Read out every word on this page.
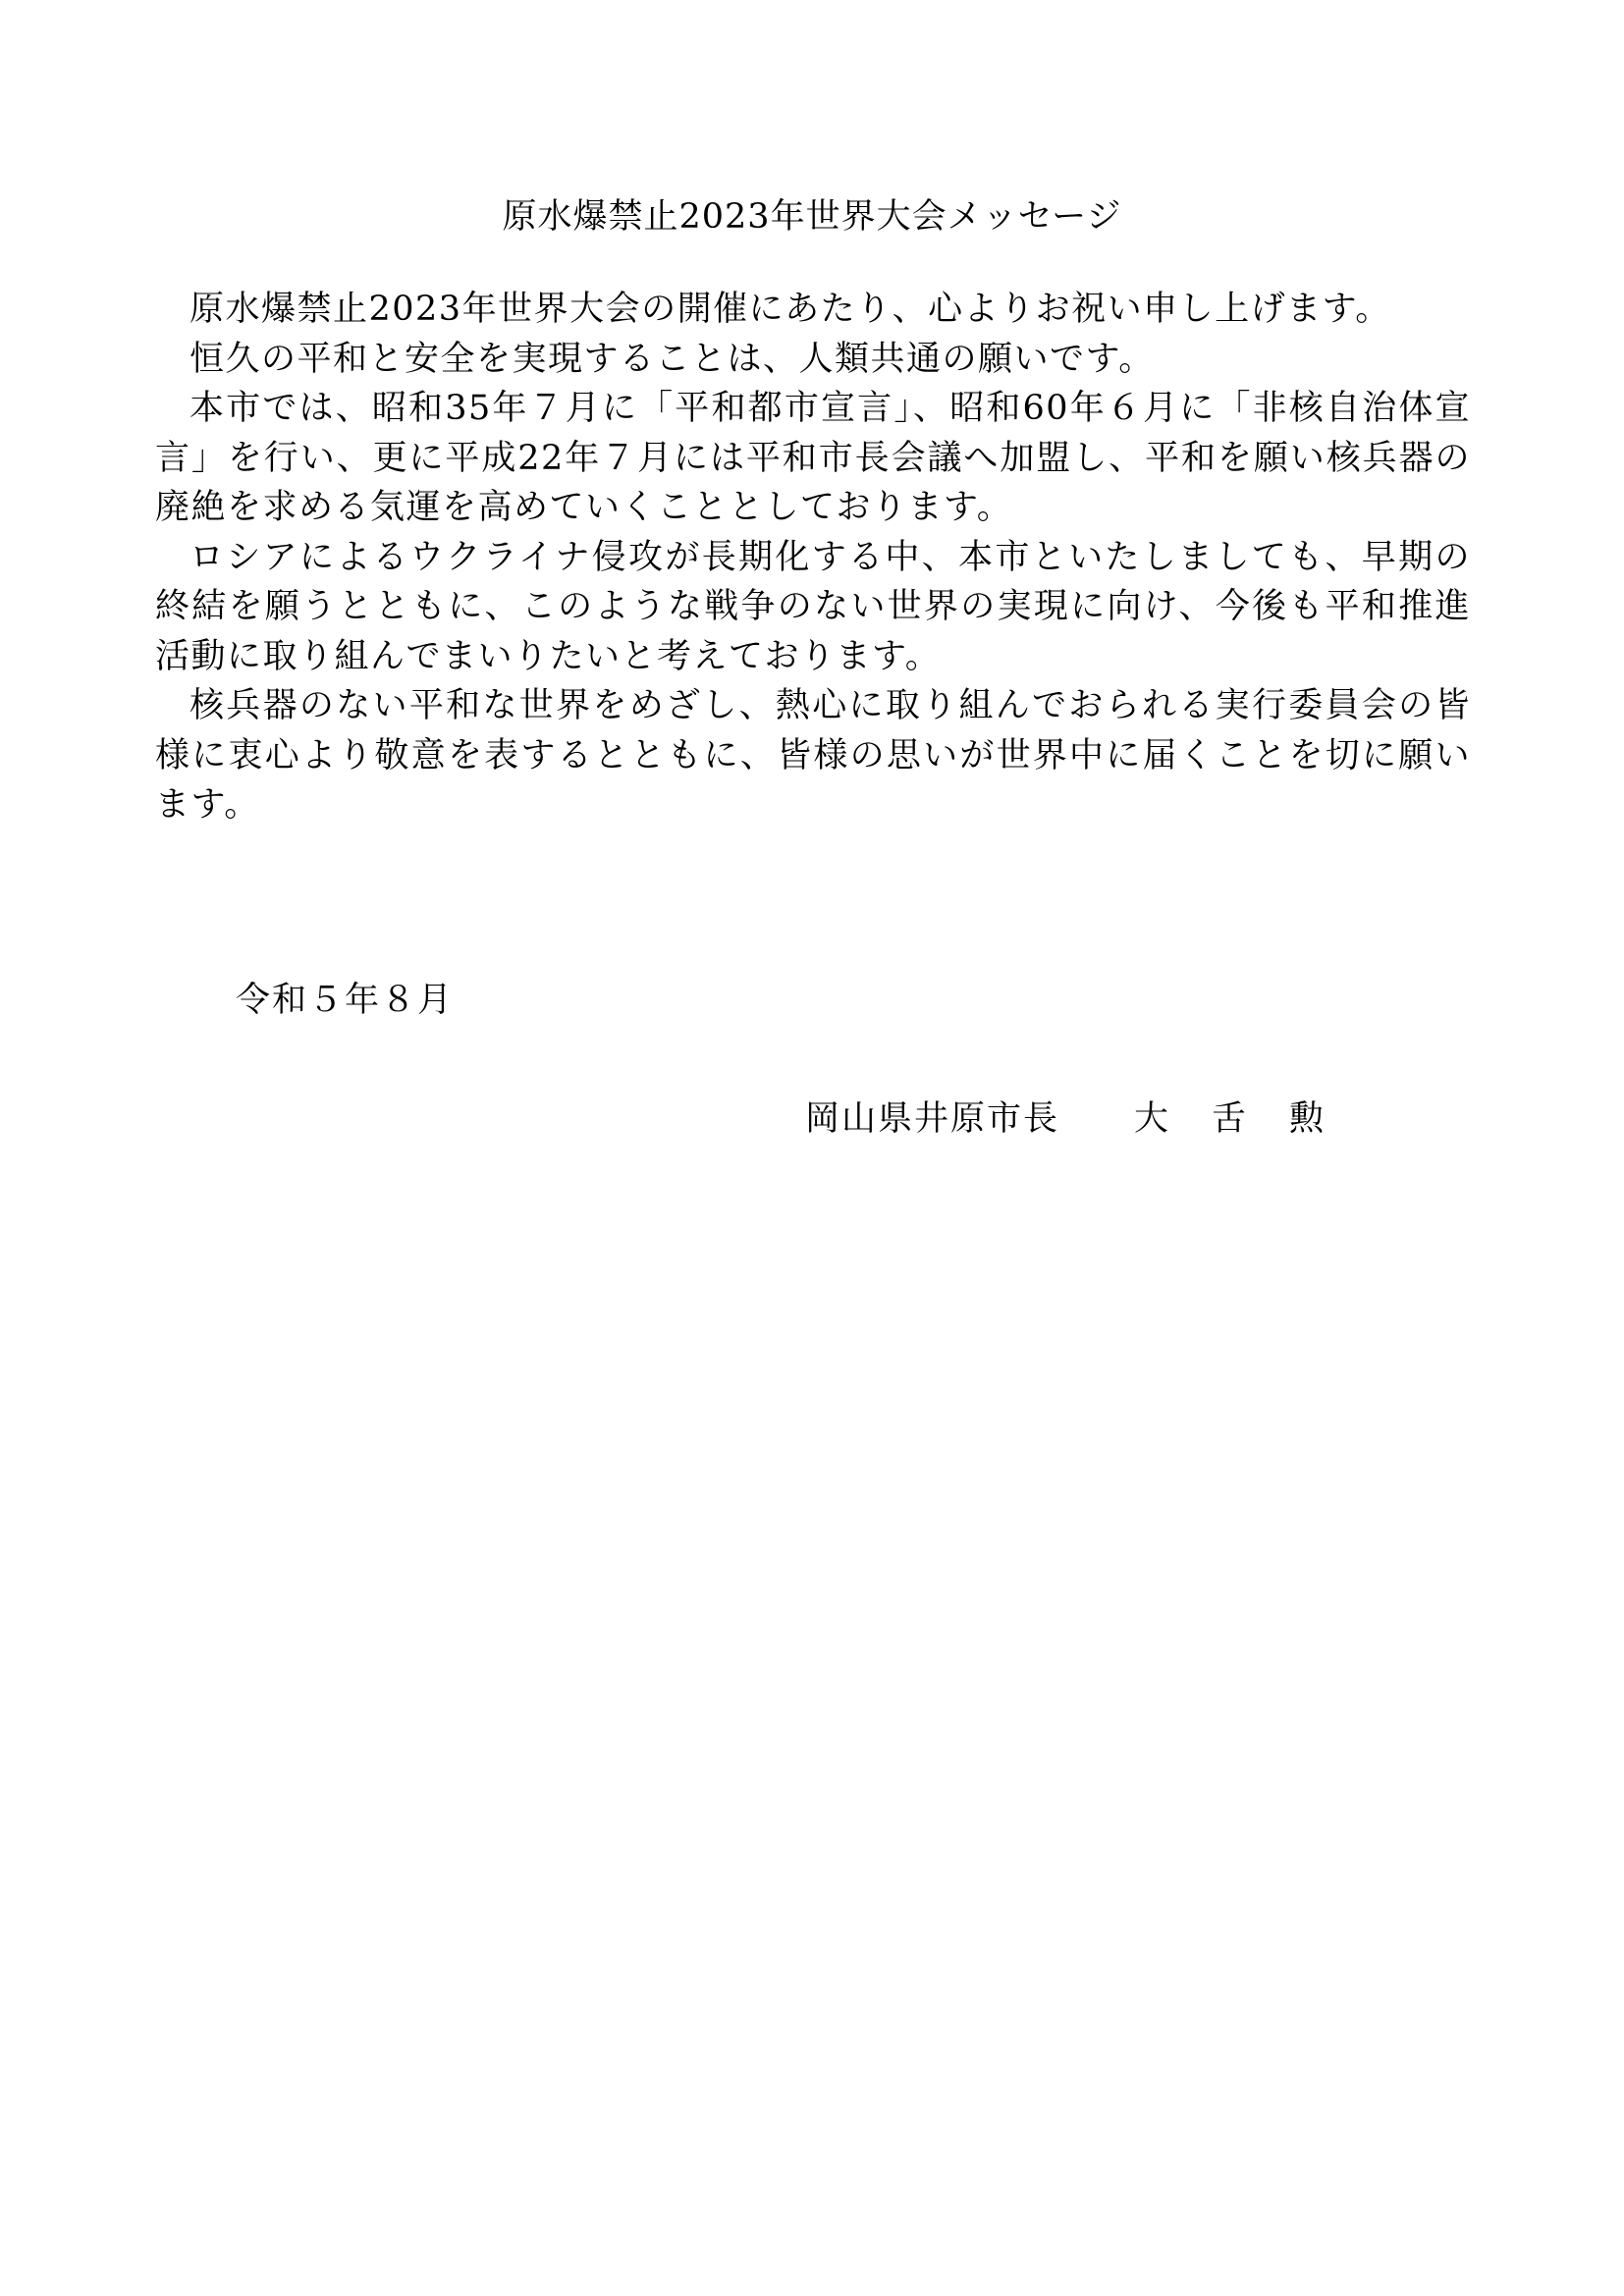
原水爆禁止2023年世界大会メッセージ

原水爆禁止2023年世界大会の開催にあたり、心よりお祝い申し上げます。

恒久の平和と安全を実現することは、人類共通の願いです。

本市では、昭和35年７月に「平和都市宣言」、昭和60年６月に「非核自治体宣言」を行い、更に平成22年７月には平和市長会議へ加盟し、平和を願い核兵器の廃絶を求める気運を高めていくこととしております。

ロシアによるウクライナ侵攻が長期化する中、本市といたしましても、早期の終結を願うとともに、このような戦争のない世界の実現に向け、今後も平和推進活動に取り組んでまいりたいと考えております。

核兵器のない平和な世界をめざし、熱心に取り組んでおられる実行委員会の皆様に衷心より敬意を表するとともに、皆様の思いが世界中に届くことを切に願います。

令和５年８月
岡山県井原市長 大舌勲
